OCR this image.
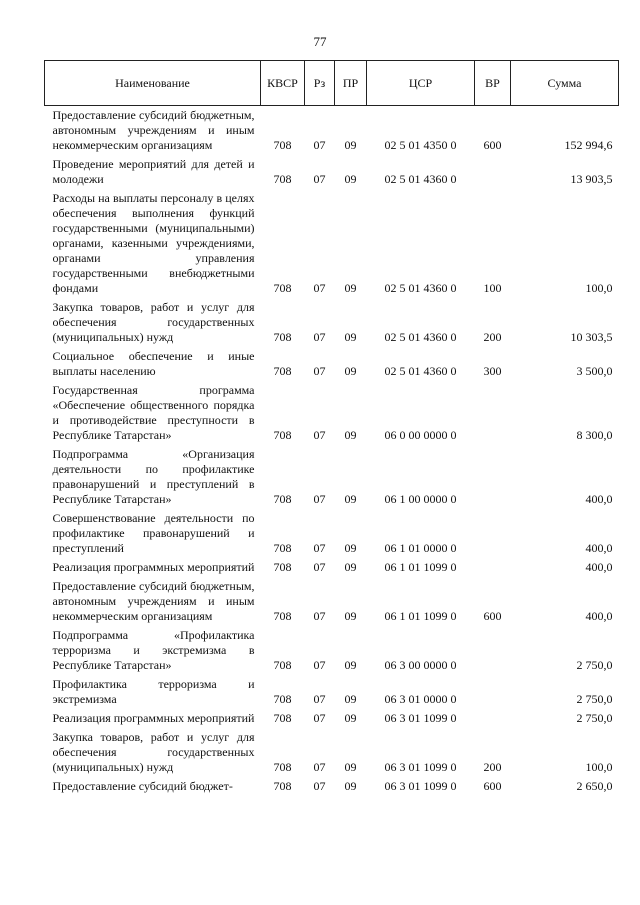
77
Наименование	КВСР	Рз	ПР	ЦСР	ВР	Сумма
Предоставление субсидий бюджетным, автономным учреждениям и иным некоммерческим организациям	708	07	09	02 5 01 4350 0	600	152 994,6
Проведение мероприятий для детей и молодежи	708	07	09	02 5 01 4360 0		13 903,5
Расходы на выплаты персоналу в целях обеспечения выполнения функций государственными (муниципальными) органами, казенными учреждениями, органами управления государственными внебюджетными фондами	708	07	09	02 5 01 4360 0	100	100,0
Закупка товаров, работ и услуг для обеспечения государственных (муниципальных) нужд	708	07	09	02 5 01 4360 0	200	10 303,5
Социальное обеспечение и иные выплаты населению	708	07	09	02 5 01 4360 0	300	3 500,0
Государственная программа «Обеспечение общественного порядка и противодействие преступности в Республике Татарстан»	708	07	09	06 0 00 0000 0		8 300,0
Подпрограмма «Организация деятельности по профилактике правонарушений и преступлений в Республике Татарстан»	708	07	09	06 1 00 0000 0		400,0
Совершенствование деятельности по профилактике правонарушений и преступлений	708	07	09	06 1 01 0000 0		400,0
Реализация программных мероприятий	708	07	09	06 1 01 1099 0		400,0
Предоставление субсидий бюджетным, автономным учреждениям и иным некоммерческим организациям	708	07	09	06 1 01 1099 0	600	400,0
Подпрограмма «Профилактика терроризма и экстремизма в Республике Татарстан»	708	07	09	06 3 00 0000 0		2 750,0
Профилактика терроризма и экстремизма	708	07	09	06 3 01 0000 0		2 750,0
Реализация программных мероприятий	708	07	09	06 3 01 1099 0		2 750,0
Закупка товаров, работ и услуг для обеспечения государственных (муниципальных) нужд	708	07	09	06 3 01 1099 0	200	100,0
Предоставление субсидий бюджет-	708	07	09	06 3 01 1099 0	600	2 650,0
